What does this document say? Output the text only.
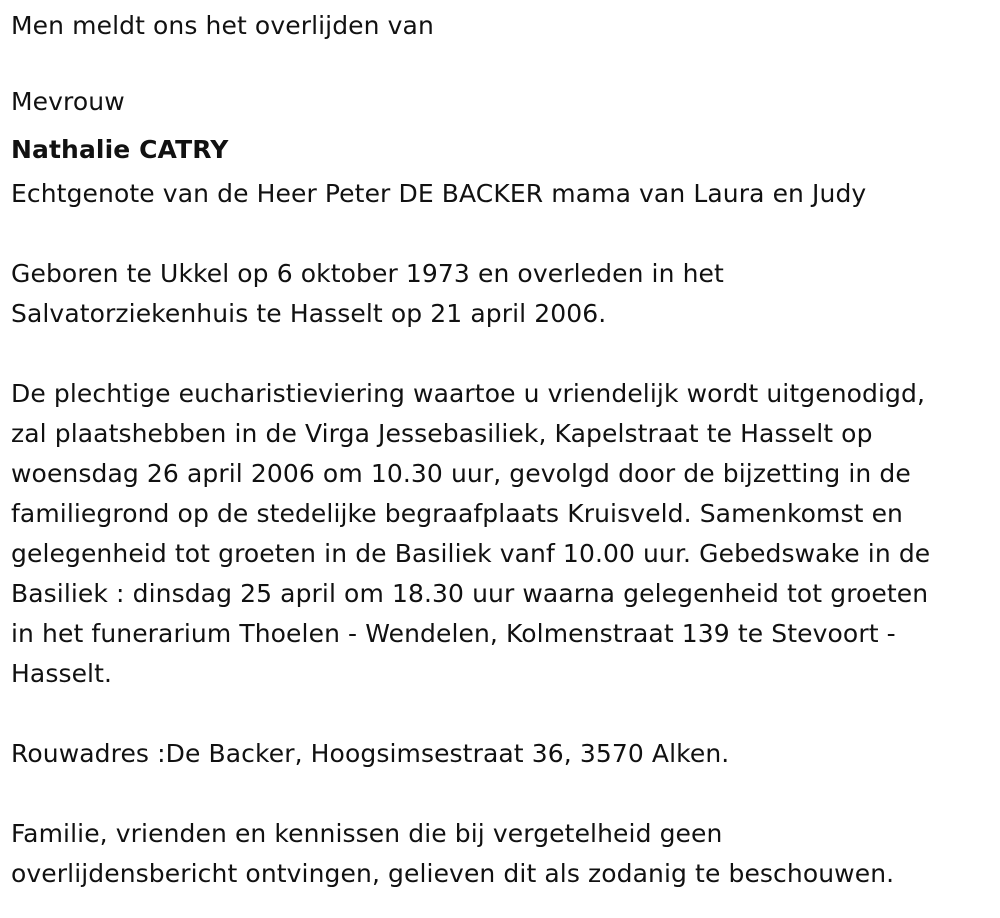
Men meldt ons het overlijden van

Mevrouw

Nathalie CATRY

Echtgenote van de Heer Peter DE BACKER mama van Laura en Judy

Geboren te Ukkel op 6 oktober 1973 en overleden in het
Salvatorziekenhuis te Hasselt op 21 april 2006.

De plechtige eucharistieviering waartoe u vriendelijk wordt uitgenodigd,
zal plaatshebben in de Virga Jessebasiliek, Kapelstraat te Hasselt op
woensdag 26 april 2006 om 10.30 uur, gevolgd door de bijzetting in de
familiegrond op de stedelijke begraafplaats Kruisveld. Samenkomst en
gelegenheid tot groeten in de Basiliek vanf 10.00 uur. Gebedswake in de
Basiliek : dinsdag 25 april om 18.30 uur waarna gelegenheid tot groeten
in het funerarium Thoelen - Wendelen, Kolmenstraat 139 te Stevoort -
Hasselt.

Rouwadres :De Backer, Hoogsimsestraat 36, 3570 Alken.

Familie, vrienden en kennissen die bij vergetelheid geen
overlijdensbericht ontvingen, gelieven dit als zodanig te beschouwen.
